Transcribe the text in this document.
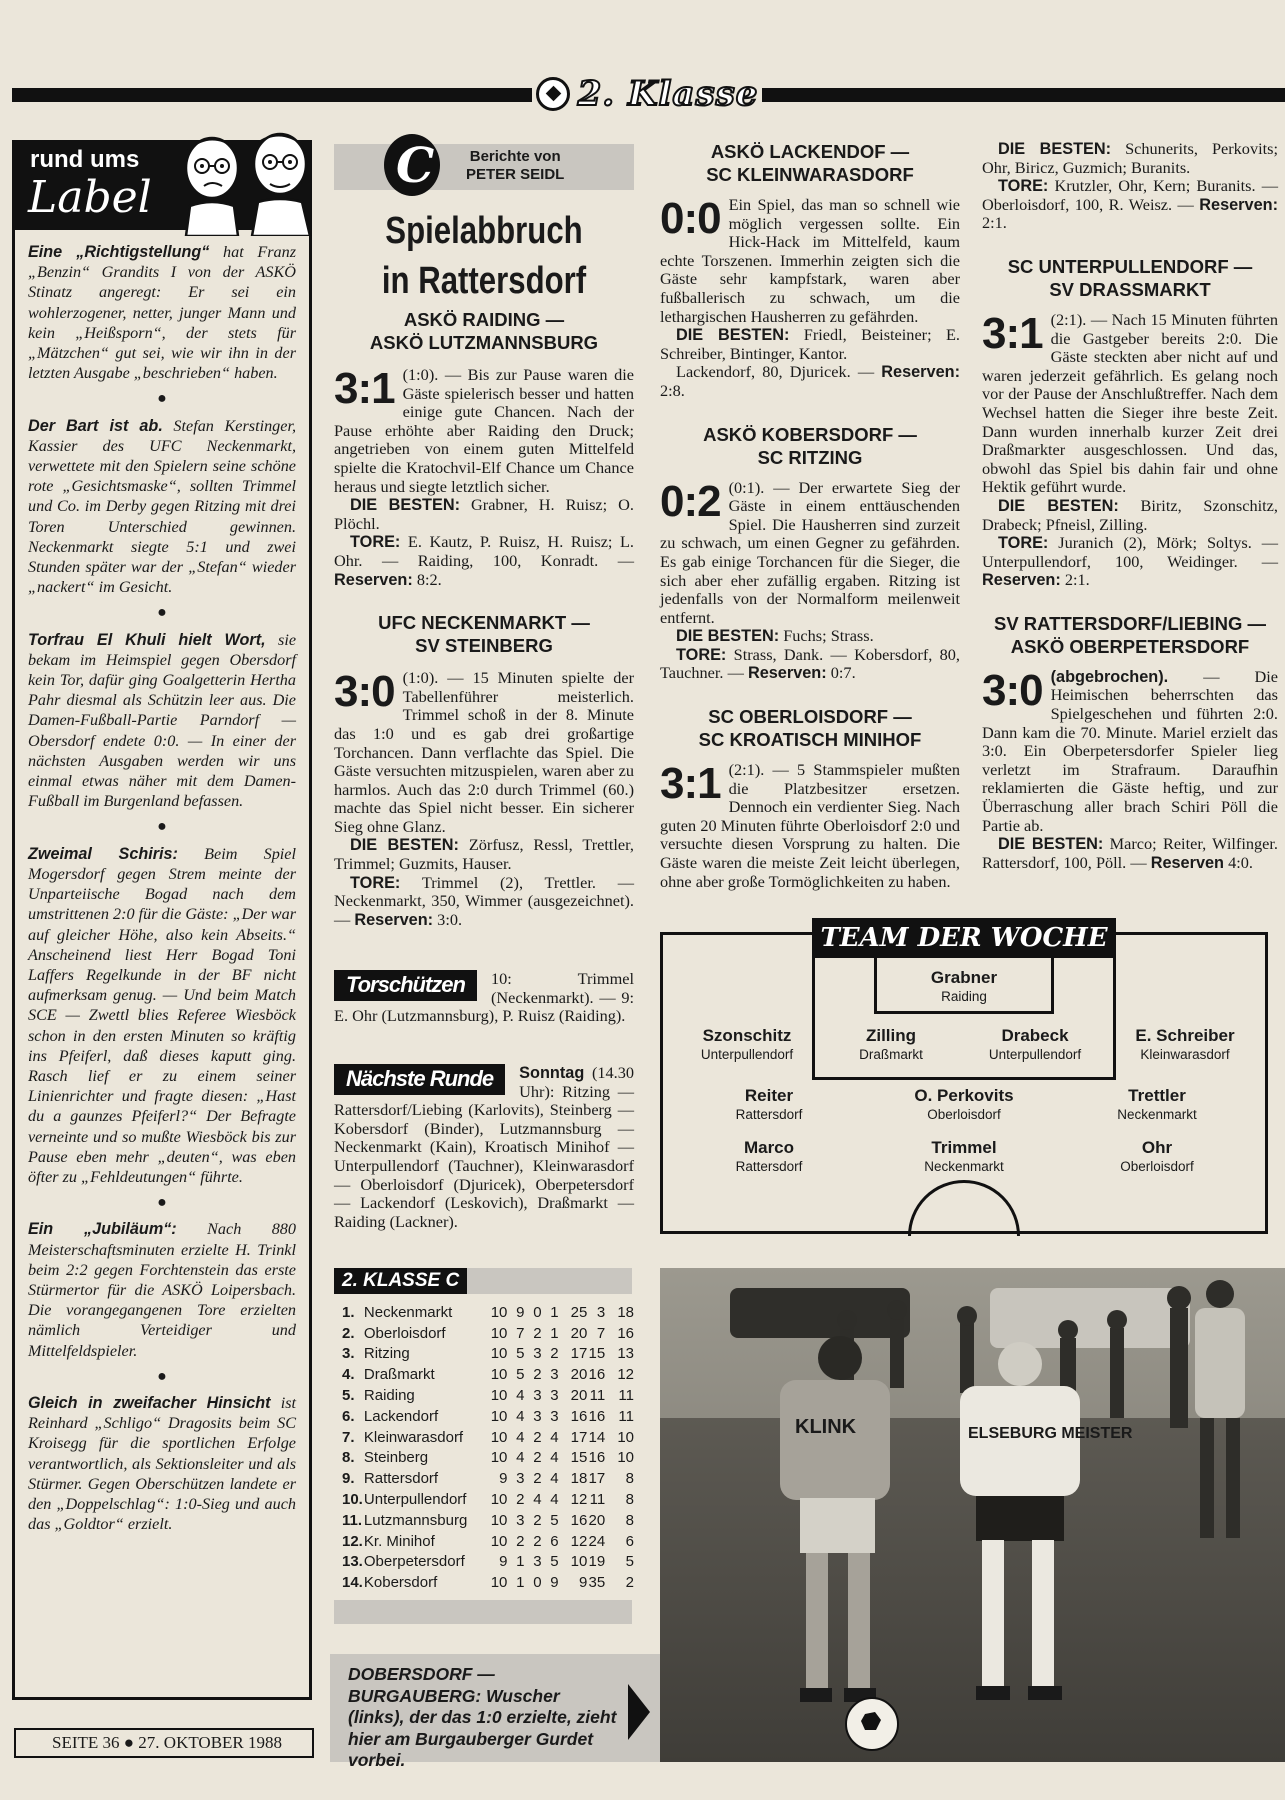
2. Klasse
rund ums
Label

Eine „Richtigstellung“ hat Franz „Benzin“ Grandits I von der ASKÖ Stinatz angeregt: Er sei ein wohlerzogener, netter, junger Mann und kein „Heißsporn“, der stets für „Mätzchen“ gut sei, wie wir ihn in der letzten Ausgabe „beschrieben“ haben.

●

Der Bart ist ab. Stefan Kerstinger, Kassier des UFC Neckenmarkt, verwettete mit den Spielern seine schöne rote „Gesichtsmaske“, sollten Trimmel und Co. im Derby gegen Ritzing mit drei Toren Unterschied gewinnen. Neckenmarkt siegte 5:1 und zwei Stunden später war der „Stefan“ wieder „nackert“ im Gesicht.

●

Torfrau El Khuli hielt Wort, sie bekam im Heimspiel gegen Obersdorf kein Tor, dafür ging Goalgetterin Hertha Pahr diesmal als Schützin leer aus. Die Damen-Fußball-Partie Parndorf — Obersdorf endete 0:0. — In einer der nächsten Ausgaben werden wir uns einmal etwas näher mit dem Damen-Fußball im Burgenland befassen.

●

Zweimal Schiris: Beim Spiel Mogersdorf gegen Strem meinte der Unparteiische Bogad nach dem umstrittenen 2:0 für die Gäste: „Der war auf gleicher Höhe, also kein Abseits.“ Anscheinend liest Herr Bogad Toni Laffers Regelkunde in der BF nicht aufmerksam genug. — Und beim Match SCE — Zwettl blies Referee Wiesböck schon in den ersten Minuten so kräftig ins Pfeiferl, daß dieses kaputt ging. Rasch lief er zu einem seiner Linienrichter und fragte diesen: „Hast du a gaunzes Pfeiferl?“ Der Befragte verneinte und so mußte Wiesböck bis zur Pause eben mehr „deuten“, was eben öfter zu „Fehldeutungen“ führte.

●

Ein „Jubiläum“: Nach 880 Meisterschaftsminuten erzielte H. Trinkl beim 2:2 gegen Forchtenstein das erste Stürmertor für die ASKÖ Loipersbach. Die vorangegangenen Tore erzielten nämlich Verteidiger und Mittelfeldspieler.

●

Gleich in zweifacher Hinsicht ist Reinhard „Schligo“ Dragosits beim SC Kroisegg für die sportlichen Erfolge verantwortlich, als Sektionsleiter und als Stürmer. Gegen Oberschützen landete er den „Doppelschlag“: 1:0-Sieg und auch das „Goldtor“ erzielt.

SEITE 36 ● 27. OKTOBER 1988
C
Berichte von
PETER SEIDL
Spielabbruch
in Rattersdorf

ASKÖ RAIDING —

ASKÖ LUTZMANNSBURG

3:1 (1:0). — Bis zur Pause waren die Gäste spielerisch besser und hatten einige gute Chancen. Nach der Pause erhöhte aber Raiding den Druck; angetrieben von einem guten Mittelfeld spielte die Kratochvil-Elf Chance um Chance heraus und siegte letztlich sicher.

DIE BESTEN: Grabner, H. Ruisz; O. Plöchl.

TORE: E. Kautz, P. Ruisz, H. Ruisz; L. Ohr. — Raiding, 100, Konradt. — Reserven: 8:2.

UFC NECKENMARKT —

SV STEINBERG

3:0 (1:0). — 15 Minuten spielte der Tabellenführer meisterlich. Trimmel schoß in der 8. Minute das 1:0 und es gab drei großartige Torchancen. Dann verflachte das Spiel. Die Gäste versuchten mitzuspielen, waren aber zu harmlos. Auch das 2:0 durch Trimmel (60.) machte das Spiel nicht besser. Ein sicherer Sieg ohne Glanz.

DIE BESTEN: Zörfusz, Ressl, Trettler, Trimmel; Guzmits, Hauser.

TORE: Trimmel (2), Trettler. — Neckenmarkt, 350, Wimmer (ausgezeichnet). — Reserven: 3:0.

Torschützen	10: Trimmel (Neckenmarkt). — 9: E. Ohr (Lutzmannsburg), P. Ruisz (Raiding).

Nächste Runde	Sonntag (14.30 Uhr): Ritzing — Rattersdorf/Liebing (Karlovits), Steinberg — Kobersdorf (Binder), Lutzmannsburg — Neckenmarkt (Kain), Kroatisch Minihof — Unterpullendorf (Tauchner), Kleinwarasdorf — Oberloisdorf (Djuricek), Oberpetersdorf — Lackendorf (Leskovich), Draßmarkt — Raiding (Lackner).

2. KLASSE C
1.	Neckenmarkt	10	9	0	1	25	3	18
2.	Oberloisdorf	10	7	2	1	20	7	16
3.	Ritzing	10	5	3	2	17	15	13
4.	Draßmarkt	10	5	2	3	20	16	12
5.	Raiding	10	4	3	3	20	11	11
6.	Lackendorf	10	4	3	3	16	16	11
7.	Kleinwarasdorf	10	4	2	4	17	14	10
8.	Steinberg	10	4	2	4	15	16	10
9.	Rattersdorf	9	3	2	4	18	17	8
10.	Unterpullendorf	10	2	4	4	12	11	8
11.	Lutzmannsburg	10	3	2	5	16	20	8
12.	Kr. Minihof	10	2	2	6	12	24	6
13.	Oberpetersdorf	9	1	3	5	10	19	5
14.	Kobersdorf	10	1	0	9	9	35	2

ASKÖ LACKENDOF —

SC KLEINWARASDORF

0:0 Ein Spiel, das man so schnell wie möglich vergessen sollte. Ein Hick-Hack im Mittelfeld, kaum echte Torszenen. Immerhin zeigten sich die Gäste sehr kampfstark, waren aber fußballerisch zu schwach, um die lethargischen Hausherren zu gefährden.

DIE BESTEN: Friedl, Beisteiner; E. Schreiber, Bintinger, Kantor.

Lackendorf, 80, Djuricek. — Reserven: 2:8.

ASKÖ KOBERSDORF —

SC RITZING

0:2 (0:1). — Der erwartete Sieg der Gäste in einem enttäuschenden Spiel. Die Hausherren sind zurzeit zu schwach, um einen Gegner zu gefährden. Es gab einige Torchancen für die Sieger, die sich aber eher zufällig ergaben. Ritzing ist jedenfalls von der Normalform meilenweit entfernt.

DIE BESTEN: Fuchs; Strass.

TORE: Strass, Dank. — Kobersdorf, 80, Tauchner. — Reserven: 0:7.

SC OBERLOISDORF —

SC KROATISCH MINIHOF

3:1 (2:1). — 5 Stammspieler mußten die Platzbesitzer ersetzen. Dennoch ein verdienter Sieg. Nach guten 20 Minuten führte Oberloisdorf 2:0 und versuchte diesen Vorsprung zu halten. Die Gäste waren die meiste Zeit leicht überlegen, ohne aber große Tormöglichkeiten zu haben.

DIE BESTEN: Schunerits, Perkovits; Ohr, Biricz, Guzmich; Buranits.

TORE: Krutzler, Ohr, Kern; Buranits. — Oberloisdorf, 100, R. Weisz. — Reserven: 2:1.

SC UNTERPULLENDORF —

SV DRASSMARKT

3:1 (2:1). — Nach 15 Minuten führten die Gastgeber bereits 2:0. Die Gäste steckten aber nicht auf und waren jederzeit gefährlich. Es gelang noch vor der Pause der Anschlußtreffer. Nach dem Wechsel hatten die Sieger ihre beste Zeit. Dann wurden innerhalb kurzer Zeit drei Draßmarkter ausgeschlossen. Und das, obwohl das Spiel bis dahin fair und ohne Hektik geführt wurde.

DIE BESTEN: Biritz, Szonschitz, Drabeck; Pfneisl, Zilling.

TORE: Juranich (2), Mörk; Soltys. — Unterpullendorf, 100, Weidinger. — Reserven: 2:1.

SV RATTERSDORF/LIEBING —

ASKÖ OBERPETERSDORF

3:0 (abgebrochen). — Die Heimischen beherrschten das Spielgeschehen und führten 2:0. Dann kam die 70. Minute. Mariel erzielt das 3:0. Ein Oberpetersdorfer Spieler lieg verletzt im Strafraum. Daraufhin reklamierten die Gäste heftig, und zur Überraschung aller brach Schiri Pöll die Partie ab.

DIE BESTEN: Marco; Reiter, Wilfinger. Rattersdorf, 100, Pöll. — Reserven 4:0.

TEAM DER WOCHE
Grabner
Raiding
Szonschitz
Unterpullendorf
Zilling
Draßmarkt
Drabeck
Unterpullendorf
E. Schreiber
Kleinwarasdorf
Reiter
Rattersdorf
O. Perkovits
Oberloisdorf
Trettler
Neckenmarkt
Marco
Rattersdorf
Trimmel
Neckenmarkt
Ohr
Oberloisdorf
KLINK	ELSEBURG MEISTER
DOBERSDORF — BURGAUBERG: Wuscher (links), der das 1:0 erzielte, zieht hier am Burgauberger Gurdet vorbei.
